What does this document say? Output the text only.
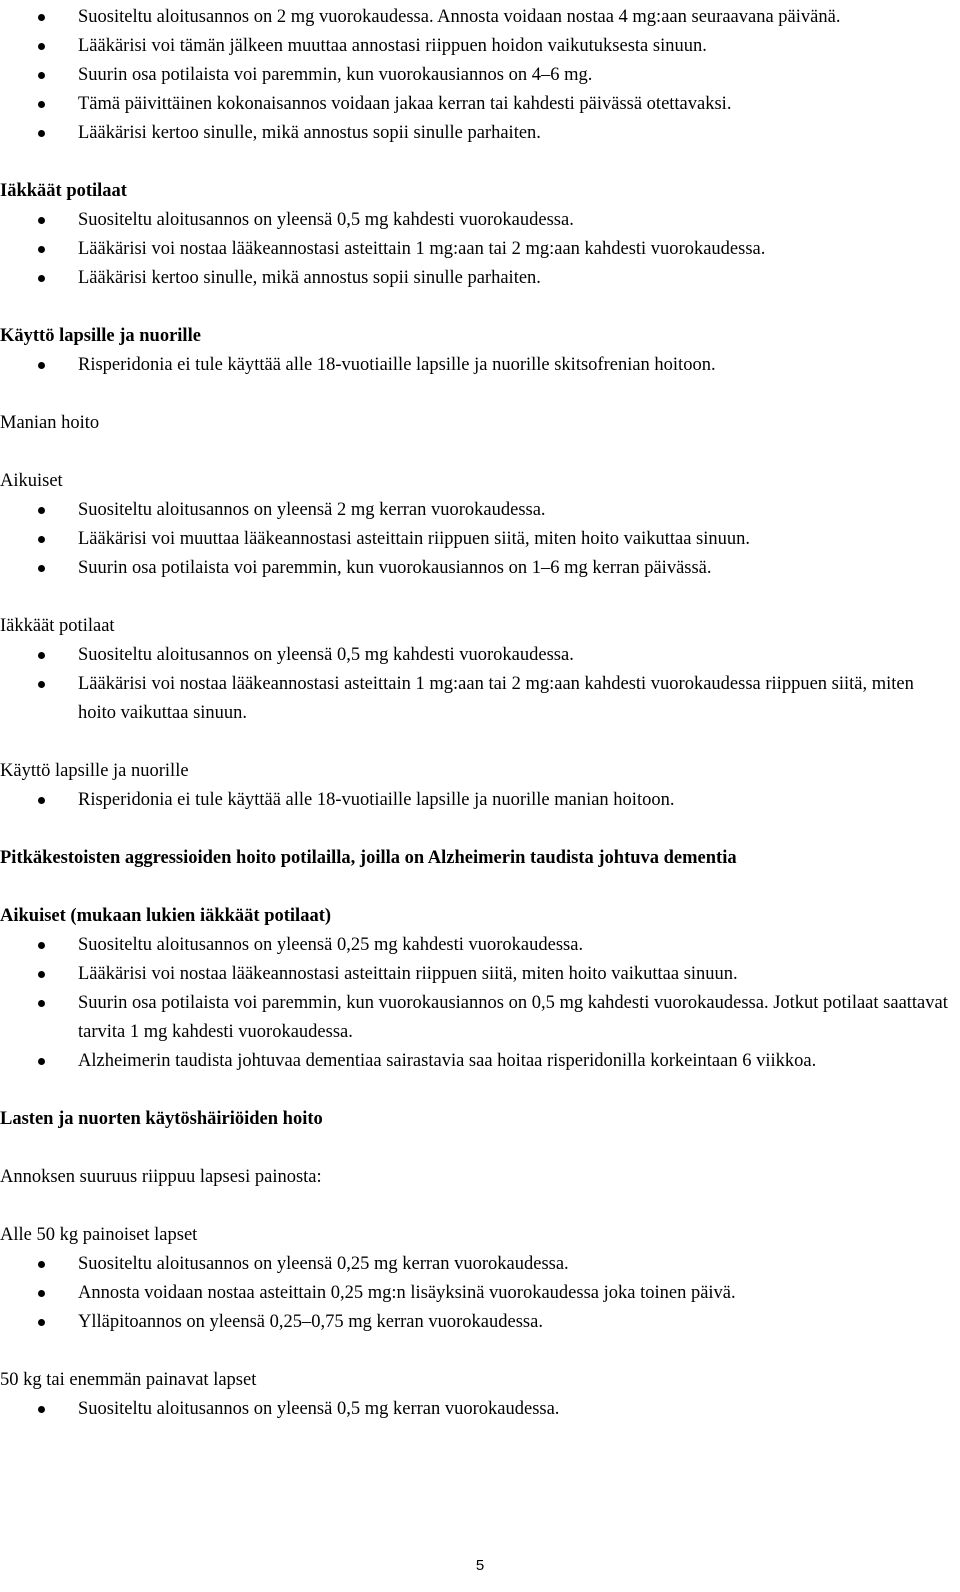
Suositeltu aloitusannos on 2 mg vuorokaudessa. Annosta voidaan nostaa 4 mg:aan seuraavana päivänä.
Lääkärisi voi tämän jälkeen muuttaa annostasi riippuen hoidon vaikutuksesta sinuun.
Suurin osa potilaista voi paremmin, kun vuorokausiannos on 4–6 mg.
Tämä päivittäinen kokonaisannos voidaan jakaa kerran tai kahdesti päivässä otettavaksi.
Lääkärisi kertoo sinulle, mikä annostus sopii sinulle parhaiten.
Iäkkäät potilaat
Suositeltu aloitusannos on yleensä 0,5 mg kahdesti vuorokaudessa.
Lääkärisi voi nostaa lääkeannostasi asteittain 1 mg:aan tai 2 mg:aan kahdesti vuorokaudessa.
Lääkärisi kertoo sinulle, mikä annostus sopii sinulle parhaiten.
Käyttö lapsille ja nuorille
Risperidonia ei tule käyttää alle 18-vuotiaille lapsille ja nuorille skitsofrenian hoitoon.
Manian hoito
Aikuiset
Suositeltu aloitusannos on yleensä 2 mg kerran vuorokaudessa.
Lääkärisi voi muuttaa lääkeannostasi asteittain riippuen siitä, miten hoito vaikuttaa sinuun.
Suurin osa potilaista voi paremmin, kun vuorokausiannos on 1–6 mg kerran päivässä.
Iäkkäät potilaat
Suositeltu aloitusannos on yleensä 0,5 mg kahdesti vuorokaudessa.
Lääkärisi voi nostaa lääkeannostasi asteittain 1 mg:aan tai 2 mg:aan kahdesti vuorokaudessa riippuen siitä, miten hoito vaikuttaa sinuun.
Käyttö lapsille ja nuorille
Risperidonia ei tule käyttää alle 18-vuotiaille lapsille ja nuorille manian hoitoon.
Pitkäkestoisten aggressioiden hoito potilailla, joilla on Alzheimerin taudista johtuva dementia
Aikuiset (mukaan lukien iäkkäät potilaat)
Suositeltu aloitusannos on yleensä 0,25 mg kahdesti vuorokaudessa.
Lääkärisi voi nostaa lääkeannostasi asteittain riippuen siitä, miten hoito vaikuttaa sinuun.
Suurin osa potilaista voi paremmin, kun vuorokausiannos on 0,5 mg kahdesti vuorokaudessa. Jotkut potilaat saattavat tarvita 1 mg kahdesti vuorokaudessa.
Alzheimerin taudista johtuvaa dementiaa sairastavia saa hoitaa risperidonilla korkeintaan 6 viikkoa.
Lasten ja nuorten käytöshäiriöiden hoito
Annoksen suuruus riippuu lapsesi painosta:
Alle 50 kg painoiset lapset
Suositeltu aloitusannos on yleensä 0,25 mg kerran vuorokaudessa.
Annosta voidaan nostaa asteittain 0,25 mg:n lisäyksinä vuorokaudessa joka toinen päivä.
Ylläpitoannos on yleensä 0,25–0,75 mg kerran vuorokaudessa.
50 kg tai enemmän painavat lapset
Suositeltu aloitusannos on yleensä 0,5 mg kerran vuorokaudessa.
5
